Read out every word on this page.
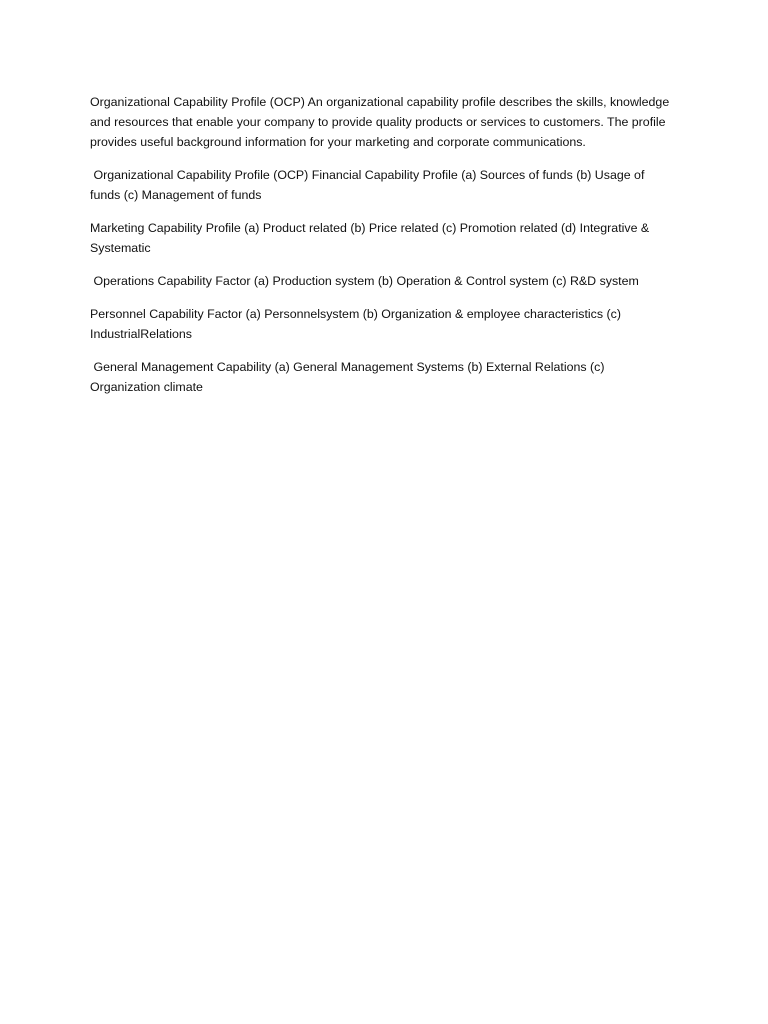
Organizational Capability Profile (OCP) An organizational capability profile describes the skills, knowledge and resources that enable your company to provide quality products or services to customers. The profile provides useful background information for your marketing and corporate communications.

Organizational Capability Profile (OCP) Financial Capability Profile (a) Sources of funds (b) Usage of funds (c) Management of funds

Marketing Capability Profile (a) Product related (b) Price related (c) Promotion related (d) Integrative & Systematic

Operations Capability Factor (a) Production system (b) Operation & Control system (c) R&D system

Personnel Capability Factor (a) Personnelsystem (b) Organization & employee characteristics (c) IndustrialRelations

General Management Capability (a) General Management Systems (b) External Relations (c) Organization climate
